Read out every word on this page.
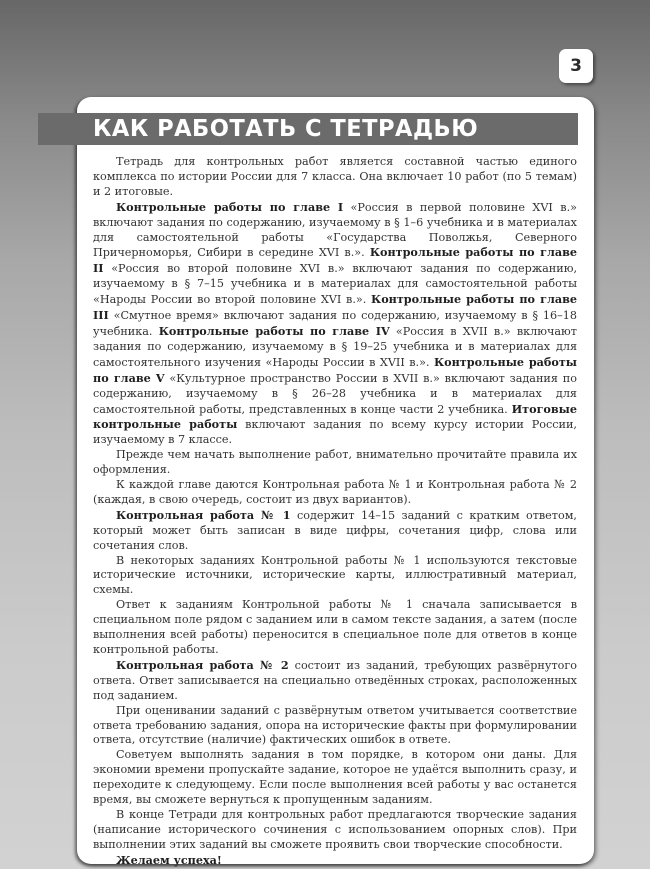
3
КАК РАБОТАТЬ С ТЕТРАДЬЮ

Тетрадь для контрольных работ является составной частью единого комплекса по истории России для 7 класса. Она включает 10 работ (по 5 темам) и 2 итоговые.

Контрольные работы по главе I «Россия в первой половине XVI в.» включают задания по содержанию, изучаемому в § 1–6 учебника и в материалах для самостоятельной работы «Государства Поволжья, Северного Причерноморья, Сибири в середине XVI в.». Контрольные работы по главе II «Россия во второй половине XVI в.» включают задания по содержанию, изучаемому в § 7–15 учебника и в материалах для самостоятельной работы «Народы России во второй половине XVI в.». Контрольные работы по главе III «Смутное время» включают задания по содержанию, изучаемому в § 16–18 учебника. Контрольные работы по главе IV «Россия в XVII в.» включают задания по содержанию, изучаемому в § 19–25 учебника и в материалах для самостоятельного изучения «Народы России в XVII в.». Контрольные работы по главе V «Культурное пространство России в XVII в.» включают задания по содержанию, изучаемому в § 26–28 учебника и в материалах для самостоятельной работы, представленных в конце части 2 учебника. Итоговые контрольные работы включают задания по всему курсу истории России, изучаемому в 7 классе.

Прежде чем начать выполнение работ, внимательно прочитайте правила их оформления.

К каждой главе даются Контрольная работа № 1 и Контрольная работа № 2 (каждая, в свою очередь, состоит из двух вариантов).

Контрольная работа № 1 содержит 14–15 заданий с кратким ответом, который может быть записан в виде цифры, сочетания цифр, слова или сочетания слов.

В некоторых заданиях Контрольной работы № 1 используются текстовые исторические источники, исторические карты, иллюстративный материал, схемы.

Ответ к заданиям Контрольной работы № 1 сначала записывается в специальном поле рядом с заданием или в самом тексте задания, а затем (после выполнения всей работы) переносится в специальное поле для ответов в конце контрольной работы.

Контрольная работа № 2 состоит из заданий, требующих развёрнутого ответа. Ответ записывается на специально отведённых строках, расположенных под заданием.

При оценивании заданий с развёрнутым ответом учитывается соответствие ответа требованию задания, опора на исторические факты при формулировании ответа, отсутствие (наличие) фактических ошибок в ответе.

Советуем выполнять задания в том порядке, в котором они даны. Для экономии времени пропускайте задание, которое не удаётся выполнить сразу, и переходите к следующему. Если после выполнения всей работы у вас останется время, вы сможете вернуться к пропущенным заданиям.

В конце Тетради для контрольных работ предлагаются творческие задания (написание исторического сочинения с использованием опорных слов). При выполнении этих заданий вы сможете проявить свои творческие способности.

Желаем успеха!
